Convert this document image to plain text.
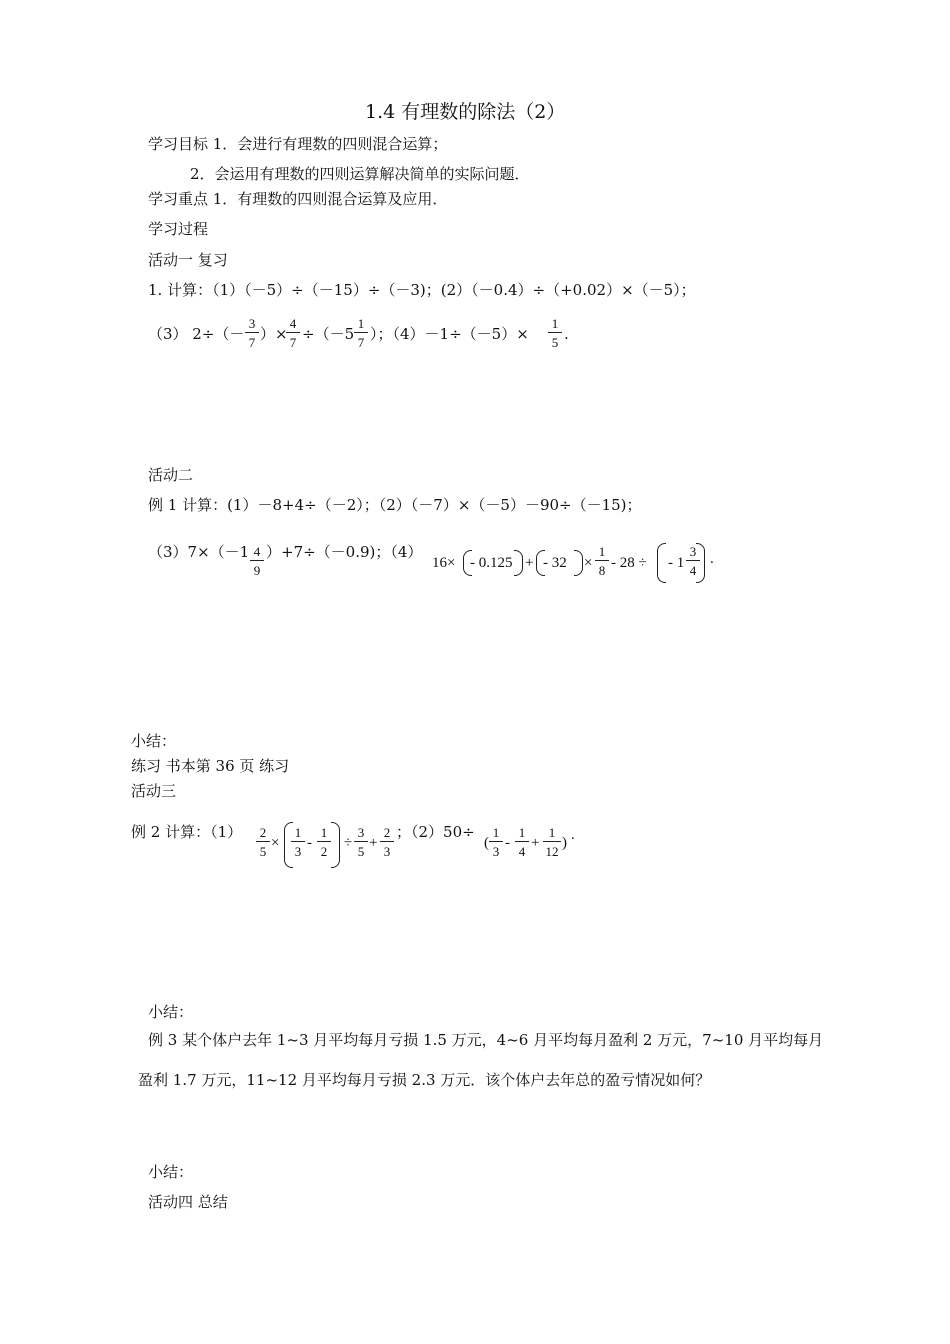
1.4 有理数的除法（2）
学习目标 1．会进行有理数的四则混合运算；
2．会运用有理数的四则运算解决简单的实际问题．
学习重点 1．有理数的四则混合运算及应用．
学习过程
活动一 复习
1. 计算：（1）（－5）÷（－15）÷（－3)；(2）（－0.4）÷（+0.02）×（－5）；
（3） 2÷（－
3
7 ）×
4
7 ÷（－5
1
7 ）；（4）－1÷（－5）×
1
5 .
活动二
例 1 计算：(1）－8+4÷（－2）；（2）（－7）×（－5）－90÷（－15)；
（3）7×（－1 4
9
）+7÷（－0.9)；（4）
16× - 0.125 + - 32 ×
1
8 - 28 ÷ - 1
3
4
.
小结：
练习 书本第 36 页 练习
活动三
例 2 计算：（1） 2
5
×
1
3
-
1
2
÷
3
5
+
2
3
；（2）50÷
(
1
3
-
1
4
+
1
12
) .
小结：
例 3 某个体户去年 1~3 月平均每月亏损 1.5 万元，4~6 月平均每月盈利 2 万元，7~10 月平均每月
盈利 1.7 万元，11~12 月平均每月亏损 2.3 万元．该个体户去年总的盈亏情况如何？
小结：
活动四 总结
